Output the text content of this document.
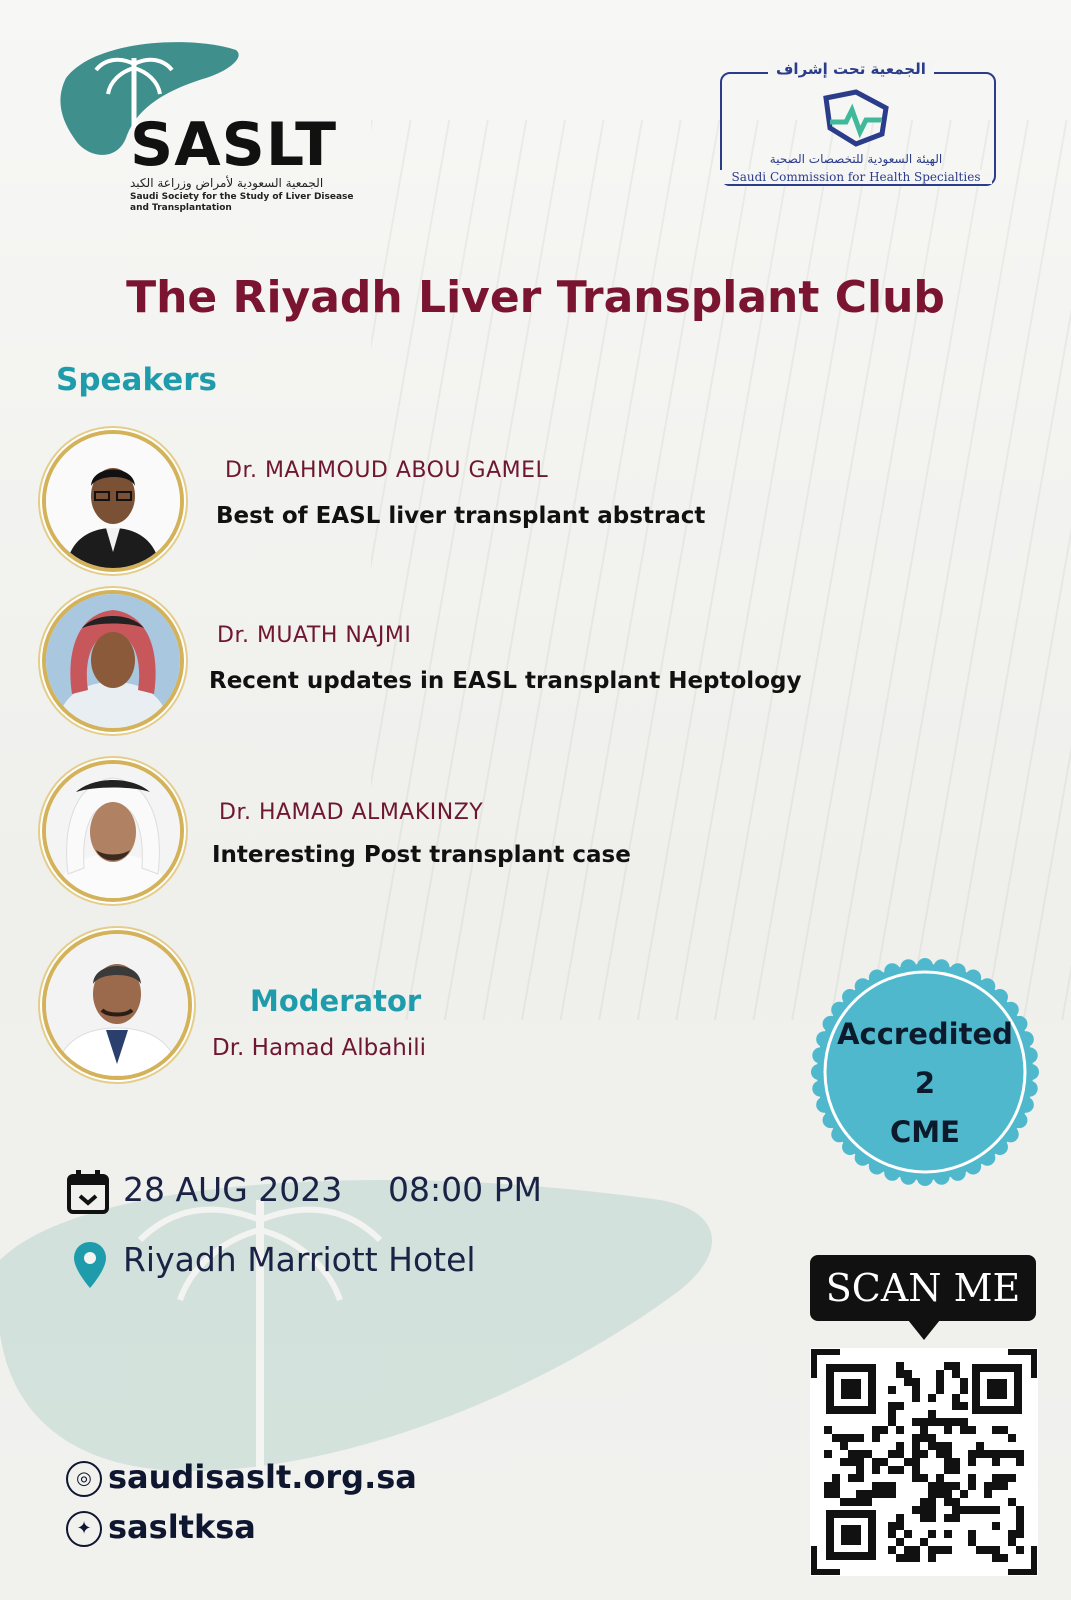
SASLT
الجمعية السعودية لأمراض وزراعة الكبد
Saudi Society for the Study of Liver Disease and Transplantation
الجمعية تحت إشراف
الهيئة السعودية للتخصصات الصحية
Saudi Commission for Health Specialties
The Riyadh Liver Transplant Club
Speakers
Dr. MAHMOUD ABOU GAMEL
Best of EASL liver transplant abstract
Dr. MUATH NAJMI
Recent updates in EASL transplant Heptology
Dr. HAMAD ALMAKINZY
Interesting Post transplant case
Moderator
Dr. Hamad Albahili	Accredited
2
CME
28 AUG 2023 08:00 PM
Riyadh Marriott Hotel
SCAN ME
◎ saudisaslt.org.sa
✦ sasltksa
